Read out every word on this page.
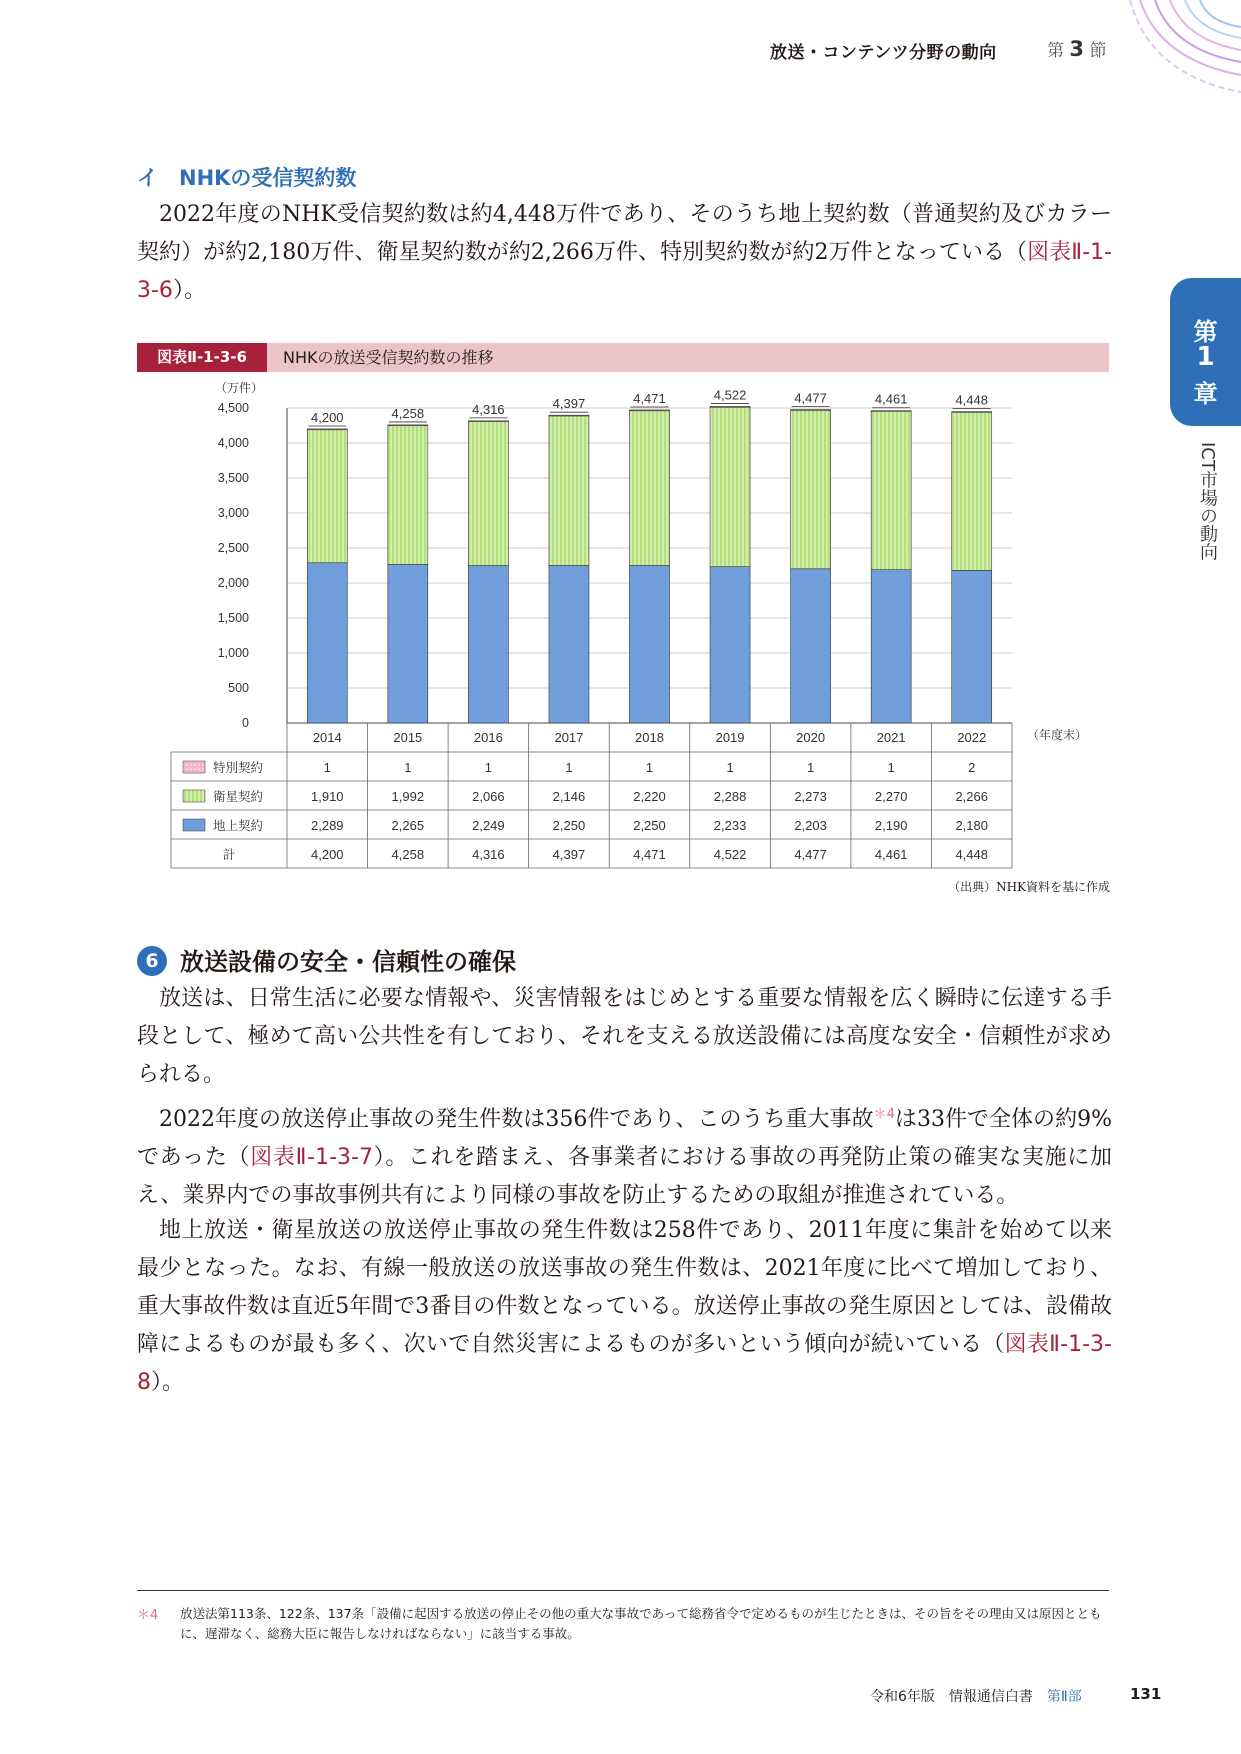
放送・コンテンツ分野の動向	第 3 節
第
1
章
ICT市場の動向
イ　NHKの受信契約数
2022年度のNHK受信契約数は約4,448万件であり、そのうち地上契約数（普通契約及びカラー契約）が約2,180万件、衛星契約数が約2,266万件、特別契約数が約2万件となっている（図表Ⅱ-1-3-6）。
図表Ⅱ-1-3-6	NHKの放送受信契約数の推移
（万件）
（年度末）
4,500
4,000
3,500
3,000
2,500
2,000
1,500
1,000
500
0
4,200	4,258	4,316	4,397	4,471	4,522	4,477	4,461	4,448
2014	2015	2016	2017	2018	2019	2020	2021	2022
特別契約	1	1	1	1	1	1	1	1	2
衛星契約	1,910	1,992	2,066	2,146	2,220	2,288	2,273	2,270	2,266
地上契約	2,289	2,265	2,249	2,250	2,250	2,233	2,203	2,190	2,180
計	4,200	4,258	4,316	4,397	4,471	4,522	4,477	4,461	4,448
（出典）NHK資料を基に作成
6 放送設備の安全・信頼性の確保
放送は、日常生活に必要な情報や、災害情報をはじめとする重要な情報を広く瞬時に伝達する手段として、極めて高い公共性を有しており、それを支える放送設備には高度な安全・信頼性が求められる。
2022年度の放送停止事故の発生件数は356件であり、このうち重大事故$^{*4}$は33件で全体の約9%であった（図表Ⅱ-1-3-7）。これを踏まえ、各事業者における事故の再発防止策の確実な実施に加え、業界内での事故事例共有により同様の事故を防止するための取組が推進されている。
地上放送・衛星放送の放送停止事故の発生件数は258件であり、2011年度に集計を始めて以来最少となった。なお、有線一般放送の放送事故の発生件数は、2021年度に比べて増加しており、重大事故件数は直近5年間で3番目の件数となっている。放送停止事故の発生原因としては、設備故障によるものが最も多く、次いで自然災害によるものが多いという傾向が続いている（図表Ⅱ-1-3-8）。
＊4 放送法第113条、122条、137条「設備に起因する放送の停止その他の重大な事故であって総務省令で定めるものが生じたときは、その旨をその理由又は原因とともに、遅滞なく、総務大臣に報告しなければならない」に該当する事故。
令和6年版　情報通信白書　 第Ⅱ部	131
